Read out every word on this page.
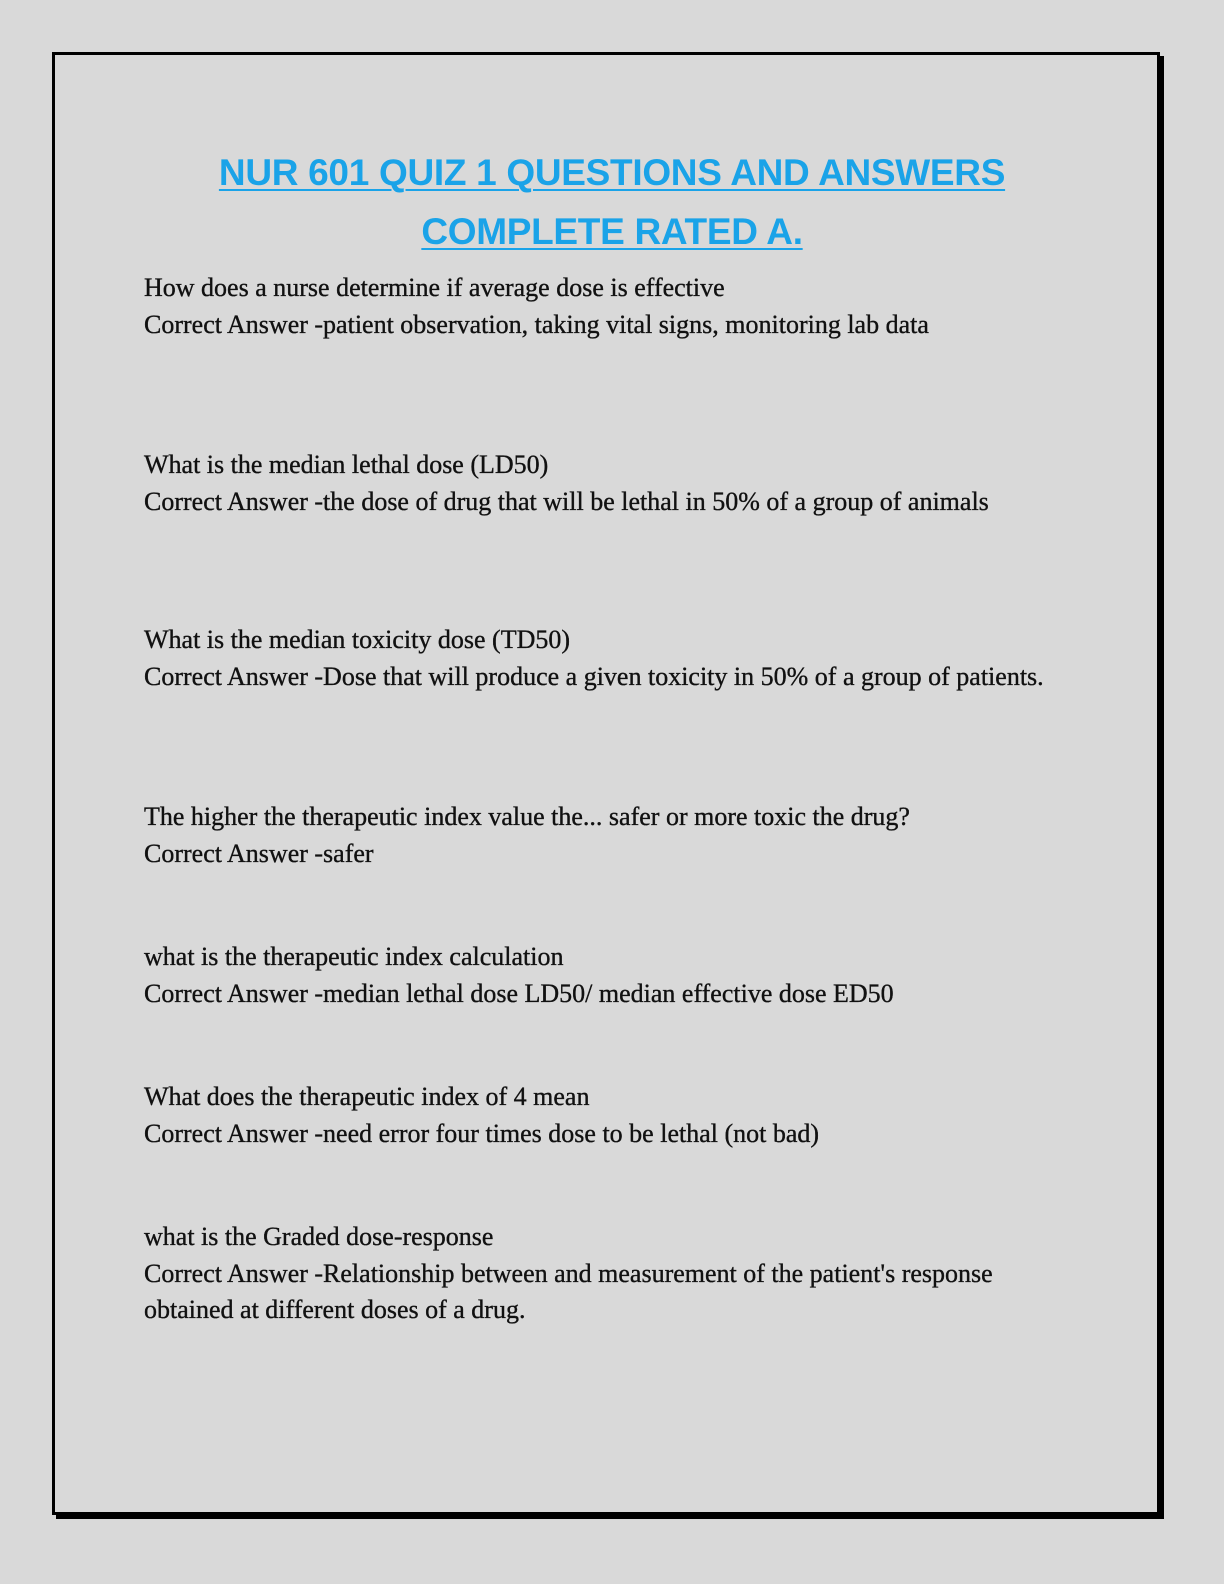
NUR 601 QUIZ 1 QUESTIONS AND ANSWERS
COMPLETE RATED A.

How does a nurse determine if average dose is effective

Correct Answer -patient observation, taking vital signs, monitoring lab data

What is the median lethal dose (LD50)

Correct Answer -the dose of drug that will be lethal in 50% of a group of animals

What is the median toxicity dose (TD50)

Correct Answer -Dose that will produce a given toxicity in 50% of a group of patients.

The higher the therapeutic index value the... safer or more toxic the drug?

Correct Answer -safer

what is the therapeutic index calculation

Correct Answer -median lethal dose LD50/ median effective dose ED50

What does the therapeutic index of 4 mean

Correct Answer -need error four times dose to be lethal (not bad)

what is the Graded dose-response

Correct Answer -Relationship between and measurement of the patient's response obtained at different doses of a drug.
